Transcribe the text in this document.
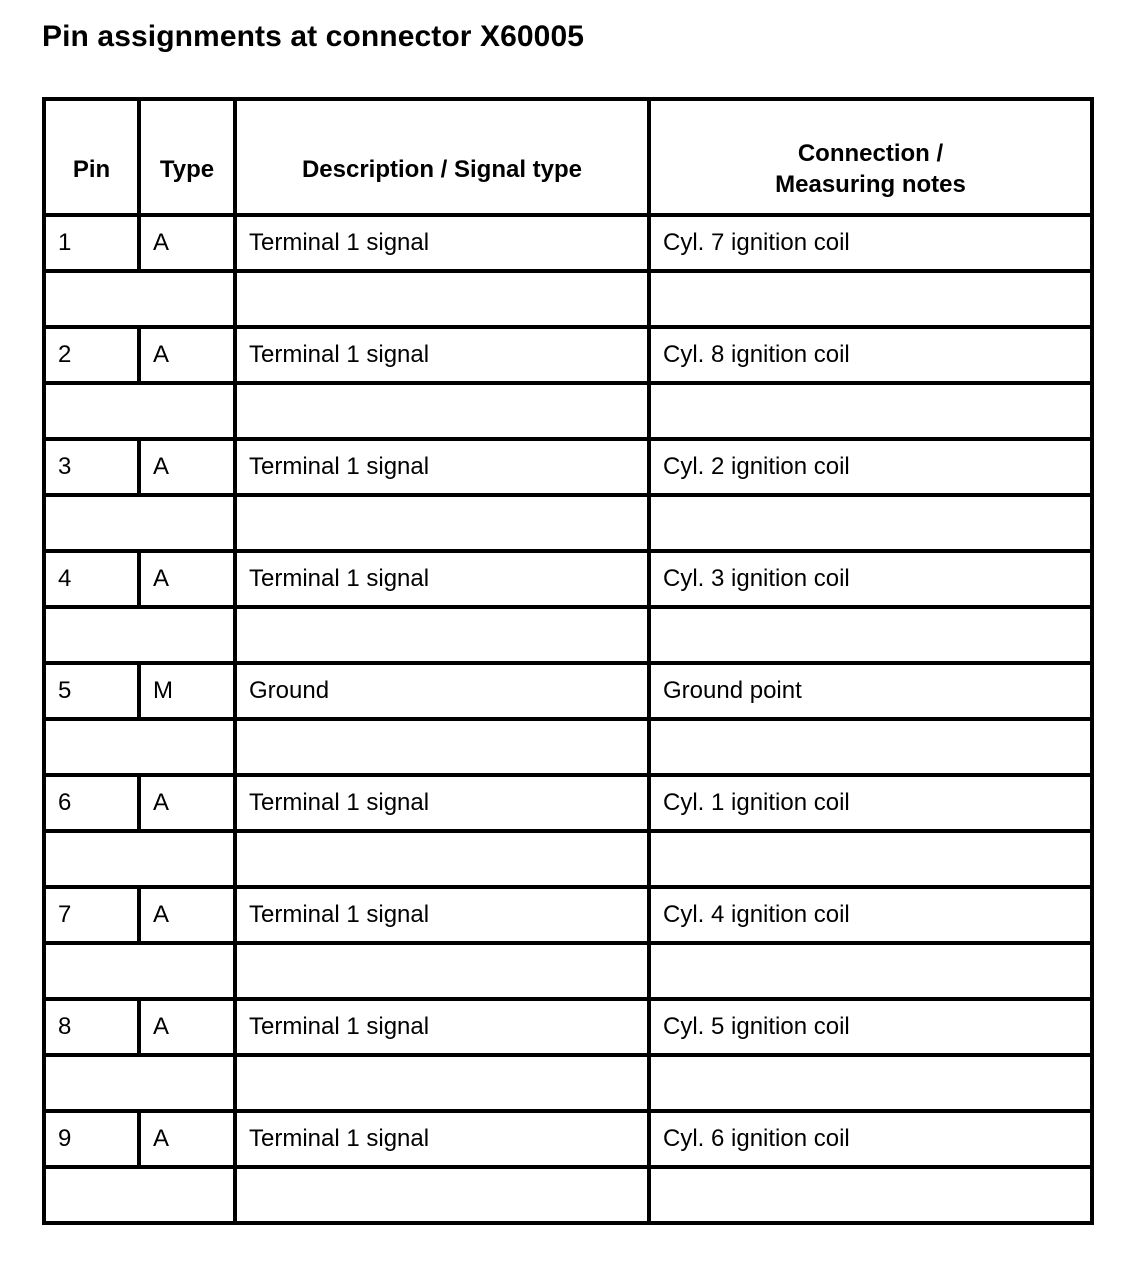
Pin assignments at connector X60005
Pin	Type	Description / Signal type	Connection /
Measuring notes

1	A	Terminal 1 signal	Cyl. 7 ignition coil

2	A	Terminal 1 signal	Cyl. 8 ignition coil

3	A	Terminal 1 signal	Cyl. 2 ignition coil

4	A	Terminal 1 signal	Cyl. 3 ignition coil

5	M	Ground	Ground point

6	A	Terminal 1 signal	Cyl. 1 ignition coil

7	A	Terminal 1 signal	Cyl. 4 ignition coil

8	A	Terminal 1 signal	Cyl. 5 ignition coil

9	A	Terminal 1 signal	Cyl. 6 ignition coil
